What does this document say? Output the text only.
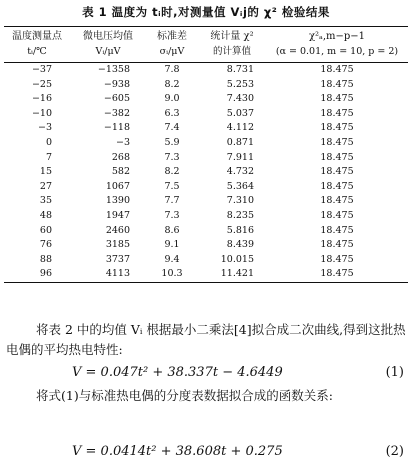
表 1 温度为 tᵢ时,对测量值 Vᵢj的 χ² 检验结果
温度测量点	微电压均值	标准差	统计量 χ²	χ²ₐ,m−p−1
tᵢ/℃	Vᵢ/μV	σᵢ/μV	的计算值	(α = 0.01, m = 10, p = 2)
−37	−1358	7.8	8.731	18.475
−25	−938	8.2	5.253	18.475
−16	−605	9.0	7.430	18.475
−10	−382	6.3	5.037	18.475
−3	−118	7.4	4.112	18.475
0	−3	5.9	0.871	18.475
7	268	7.3	7.911	18.475
15	582	8.2	4.732	18.475
27	1067	7.5	5.364	18.475
35	1390	7.7	7.310	18.475
48	1947	7.3	8.235	18.475
60	2460	8.6	5.816	18.475
76	3185	9.1	8.439	18.475
88	3737	9.4	10.015	18.475
96	4113	10.3	11.421	18.475
将表 2 中的均值 Vᵢ 根据最小二乘法[4]拟合成二次曲线,得到这批热电偶的平均热电特性:
V = 0.047t² + 38.337t − 4.6449	(1)
将式(1)与标准热电偶的分度表数据拟合成的函数关系:
V = 0.0414t² + 38.608t + 0.275	(2)
